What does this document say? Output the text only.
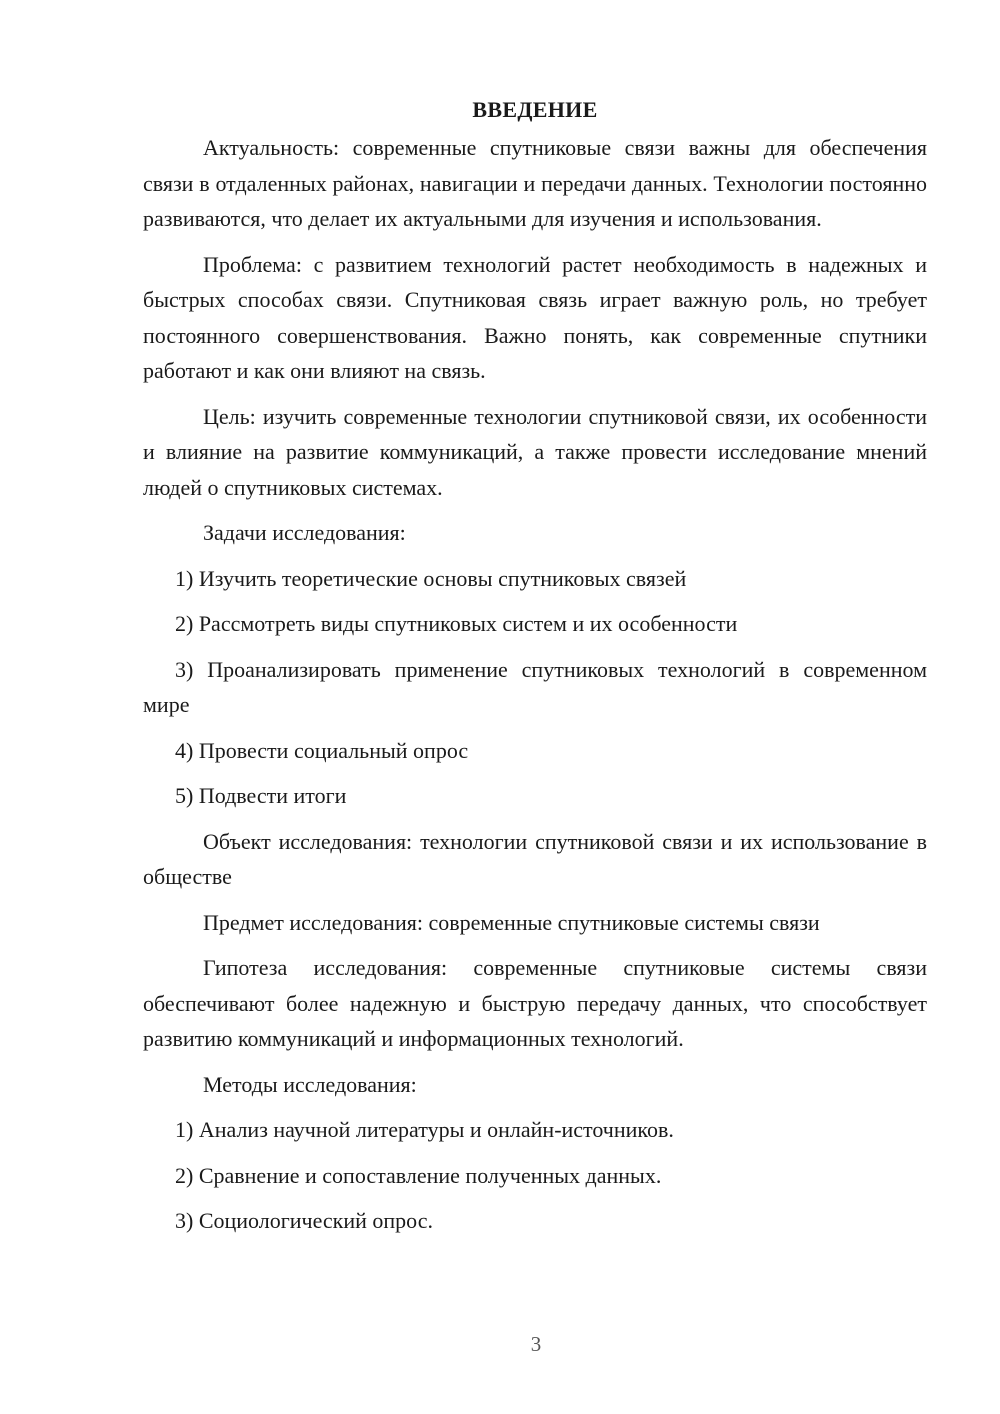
ВВЕДЕНИЕ

Актуальность: современные спутниковые связи важны для обеспечения связи в отдаленных районах, навигации и передачи данных. Технологии постоянно развиваются, что делает их актуальными для изучения и использования.

Проблема: с развитием технологий растет необходимость в надежных и быстрых способах связи. Спутниковая связь играет важную роль, но требует постоянного совершенствования. Важно понять, как современные спутники работают и как они влияют на связь.

Цель: изучить современные технологии спутниковой связи, их особенности и влияние на развитие коммуникаций, а также провести исследование мнений людей о спутниковых системах.

Задачи исследования:

1) Изучить теоретические основы спутниковых связей

2) Рассмотреть виды спутниковых систем и их особенности

3) Проанализировать применение спутниковых технологий в современном мире

4) Провести социальный опрос

5) Подвести итоги

Объект исследования: технологии спутниковой связи и их использование в обществе

Предмет исследования: современные спутниковые системы связи

Гипотеза исследования: современные спутниковые системы связи обеспечивают более надежную и быструю передачу данных, что способствует развитию коммуникаций и информационных технологий.

Методы исследования:

1) Анализ научной литературы и онлайн-источников.

2) Сравнение и сопоставление полученных данных.

3) Социологический опрос.

3
